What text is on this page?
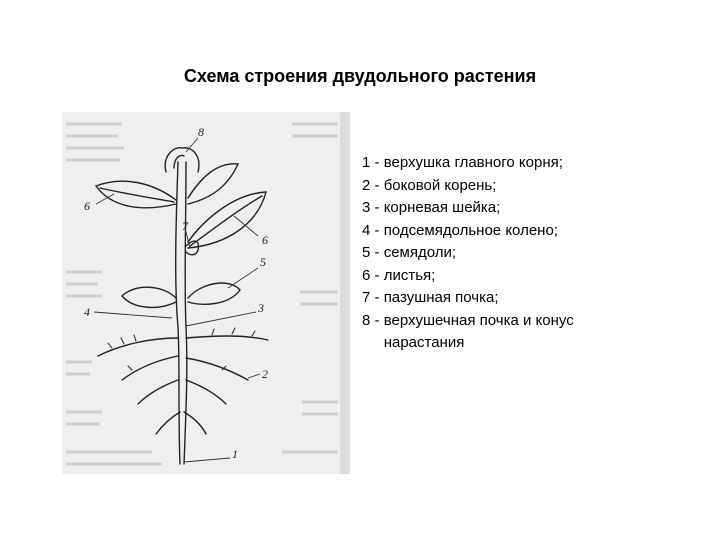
Схема строения двудольного растения
8
6
6
7
5
4	3
2
1
1 - верхушка главного корня;
2 - боковой корень;
3 - корневая шейка;
4 - подсемядольное колено;
5 - семядоли;
6 - листья;
7 - пазушная почка;
8 - верхушечная почка и конус нарастания
